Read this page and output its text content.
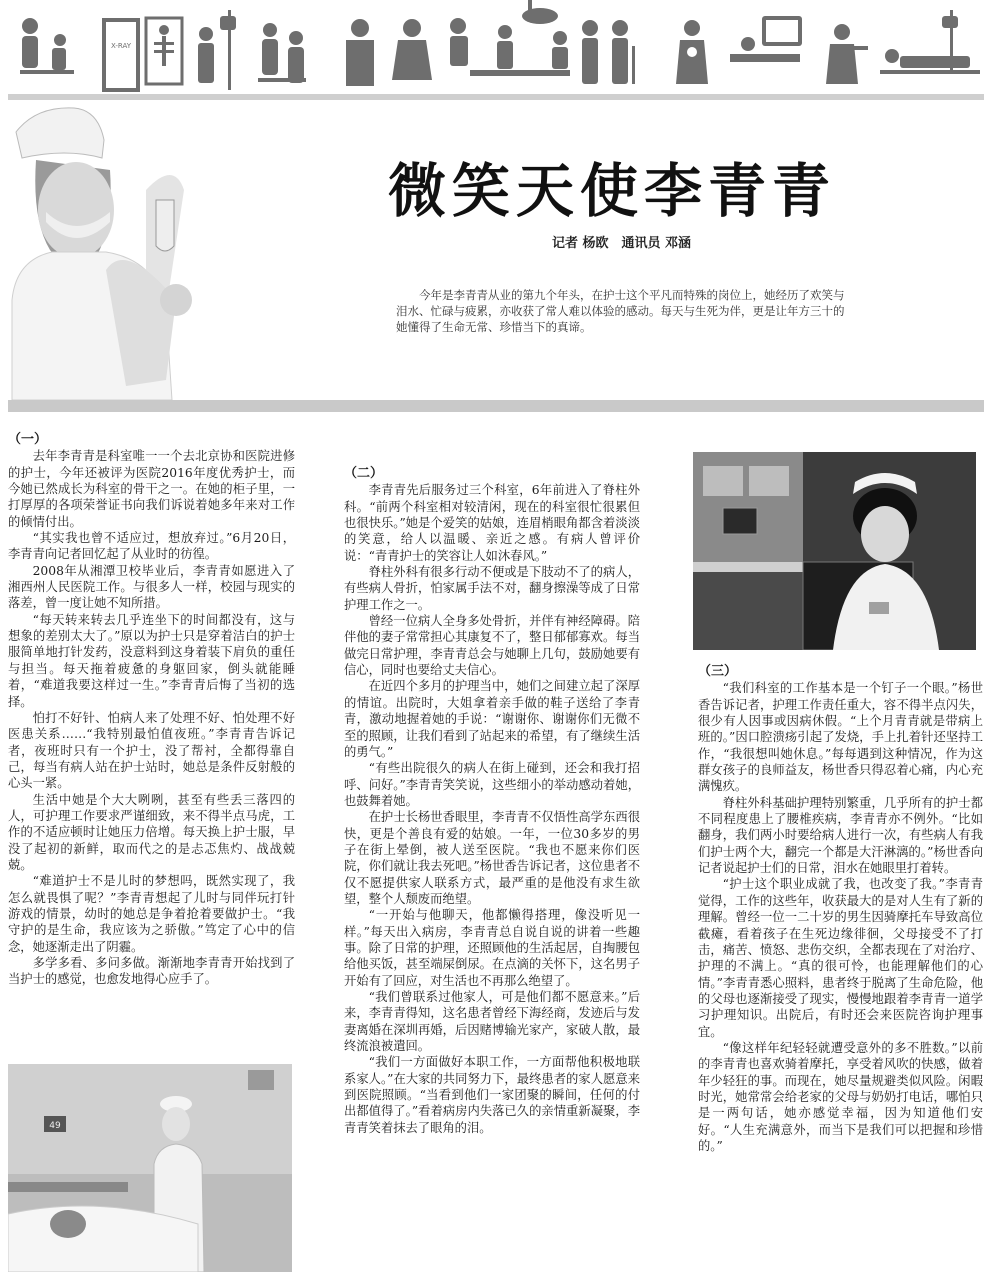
X-RAY
微笑天使李青青
记者 杨欧　通讯员 邓涵

今年是李青青从业的第九个年头，在护士这个平凡而特殊的岗位上，她经历了欢笑与泪水、忙碌与疲累，亦收获了常人难以体验的感动。每天与生死为伴，更是让年方三十的她懂得了生命无常、珍惜当下的真谛。

（一）

去年李青青是科室唯一一个去北京协和医院进修的护士，今年还被评为医院2016年度优秀护士，而今她已然成长为科室的骨干之一。在她的柜子里，一打厚厚的各项荣誉证书向我们诉说着她多年来对工作的倾情付出。

“其实我也曾不适应过，想放弃过。”6月20日，李青青向记者回忆起了从业时的彷徨。

2008年从湘潭卫校毕业后，李青青如愿进入了湘西州人民医院工作。与很多人一样，校园与现实的落差，曾一度让她不知所措。

“每天转来转去几乎连坐下的时间都没有，这与想象的差别太大了。”原以为护士只是穿着洁白的护士服简单地打针发药，没意料到这身着装下肩负的重任与担当。每天拖着疲惫的身躯回家，倒头就能睡着，“难道我要这样过一生。”李青青后悔了当初的选择。

怕打不好针、怕病人来了处理不好、怕处理不好医患关系……“我特别最怕值夜班。”李青青告诉记者，夜班时只有一个护士，没了帮衬，全都得靠自己，每当有病人站在护士站时，她总是条件反射般的心头一紧。

生活中她是个大大咧咧，甚至有些丢三落四的人，可护理工作要求严谨细致，来不得半点马虎，工作的不适应顿时让她压力倍增。每天换上护士服，早没了起初的新鲜，取而代之的是忐忑焦灼、战战兢兢。

“难道护士不是儿时的梦想吗，既然实现了，我怎么就畏惧了呢？”李青青想起了儿时与同伴玩打针游戏的情景，幼时的她总是争着抢着要做护士。“我守护的是生命，我应该为之骄傲。”笃定了心中的信念，她逐渐走出了阴霾。

多学多看、多问多做。渐渐地李青青开始找到了当护士的感觉，也愈发地得心应手了。

（二）

李青青先后服务过三个科室，6年前进入了脊柱外科。“前两个科室相对较清闲，现在的科室很忙很累但也很快乐。”她是个爱笑的姑娘，连眉梢眼角都含着淡淡的笑意，给人以温暖、亲近之感。有病人曾评价说：“青青护士的笑容让人如沐春风。”

脊柱外科有很多行动不便或是下肢动不了的病人，有些病人骨折，怕家属手法不对，翻身擦澡等成了日常护理工作之一。

曾经一位病人全身多处骨折，并伴有神经障碍。陪伴他的妻子常常担心其康复不了，整日郁郁寡欢。每当做完日常护理，李青青总会与她聊上几句，鼓励她要有信心，同时也要给丈夫信心。

在近四个多月的护理当中，她们之间建立起了深厚的情谊。出院时，大姐拿着亲手做的鞋子送给了李青青，激动地握着她的手说：“谢谢你、谢谢你们无微不至的照顾，让我们看到了站起来的希望，有了继续生活的勇气。”

“有些出院很久的病人在街上碰到，还会和我打招呼、问好。”李青青笑笑说，这些细小的举动感动着她，也鼓舞着她。

在护士长杨世香眼里，李青青不仅悟性高学东西很快，更是个善良有爱的姑娘。一年，一位30多岁的男子在街上晕倒，被人送至医院。“我也不愿来你们医院，你们就让我去死吧。”杨世香告诉记者，这位患者不仅不愿提供家人联系方式，最严重的是他没有求生欲望，整个人颓废而绝望。

“一开始与他聊天，他都懒得搭理，像没听见一样。”每天出入病房，李青青总自说自说的讲着一些趣事。除了日常的护理，还照顾他的生活起居，自掏腰包给他买饭，甚至端屎倒尿。在点滴的关怀下，这名男子开始有了回应，对生活也不再那么绝望了。

“我们曾联系过他家人，可是他们都不愿意来。”后来，李青青得知，这名患者曾经下海经商，发迹后与发妻离婚在深圳再婚，后因赌博输光家产，家破人散，最终流浪被遣回。

“我们一方面做好本职工作，一方面帮他积极地联系家人。”在大家的共同努力下，最终患者的家人愿意来到医院照顾。“当看到他们一家团聚的瞬间，任何的付出都值得了。”看着病房内失落已久的亲情重新凝聚，李青青笑着抹去了眼角的泪。

（三）

“我们科室的工作基本是一个钉子一个眼。”杨世香告诉记者，护理工作责任重大，容不得半点闪失，很少有人因事或因病休假。“上个月青青就是带病上班的。”因口腔溃疡引起了发烧，手上扎着针还坚持工作，“我很想叫她休息。”每每遇到这种情况，作为这群女孩子的良师益友，杨世香只得忍着心痛，内心充满愧疚。

脊柱外科基础护理特别繁重，几乎所有的护士都不同程度患上了腰椎疾病，李青青亦不例外。“比如翻身，我们两小时要给病人进行一次，有些病人有我们护士两个大，翻完一个都是大汗淋漓的。”杨世香向记者说起护士们的日常，泪水在她眼里打着转。

“护士这个职业成就了我，也改变了我。”李青青觉得，工作的这些年，收获最大的是对人生有了新的理解。曾经一位一二十岁的男生因骑摩托车导致高位截瘫，看着孩子在生死边缘徘徊，父母接受不了打击，痛苦、愤怒、悲伤交织，全都表现在了对治疗、护理的不满上。“真的很可怜，也能理解他们的心情。”李青青悉心照料，患者终于脱离了生命危险，他的父母也逐渐接受了现实，慢慢地跟着李青青一道学习护理知识。出院后，有时还会来医院咨询护理事宜。

“像这样年纪轻轻就遭受意外的多不胜数。”以前的李青青也喜欢骑着摩托，享受着风吹的快感，做着年少轻狂的事。而现在，她尽量规避类似风险。闲暇时光，她常常会给老家的父母与奶奶打电话，哪怕只是一两句话，她亦感觉幸福，因为知道他们安好。“人生充满意外，而当下是我们可以把握和珍惜的。”

49
